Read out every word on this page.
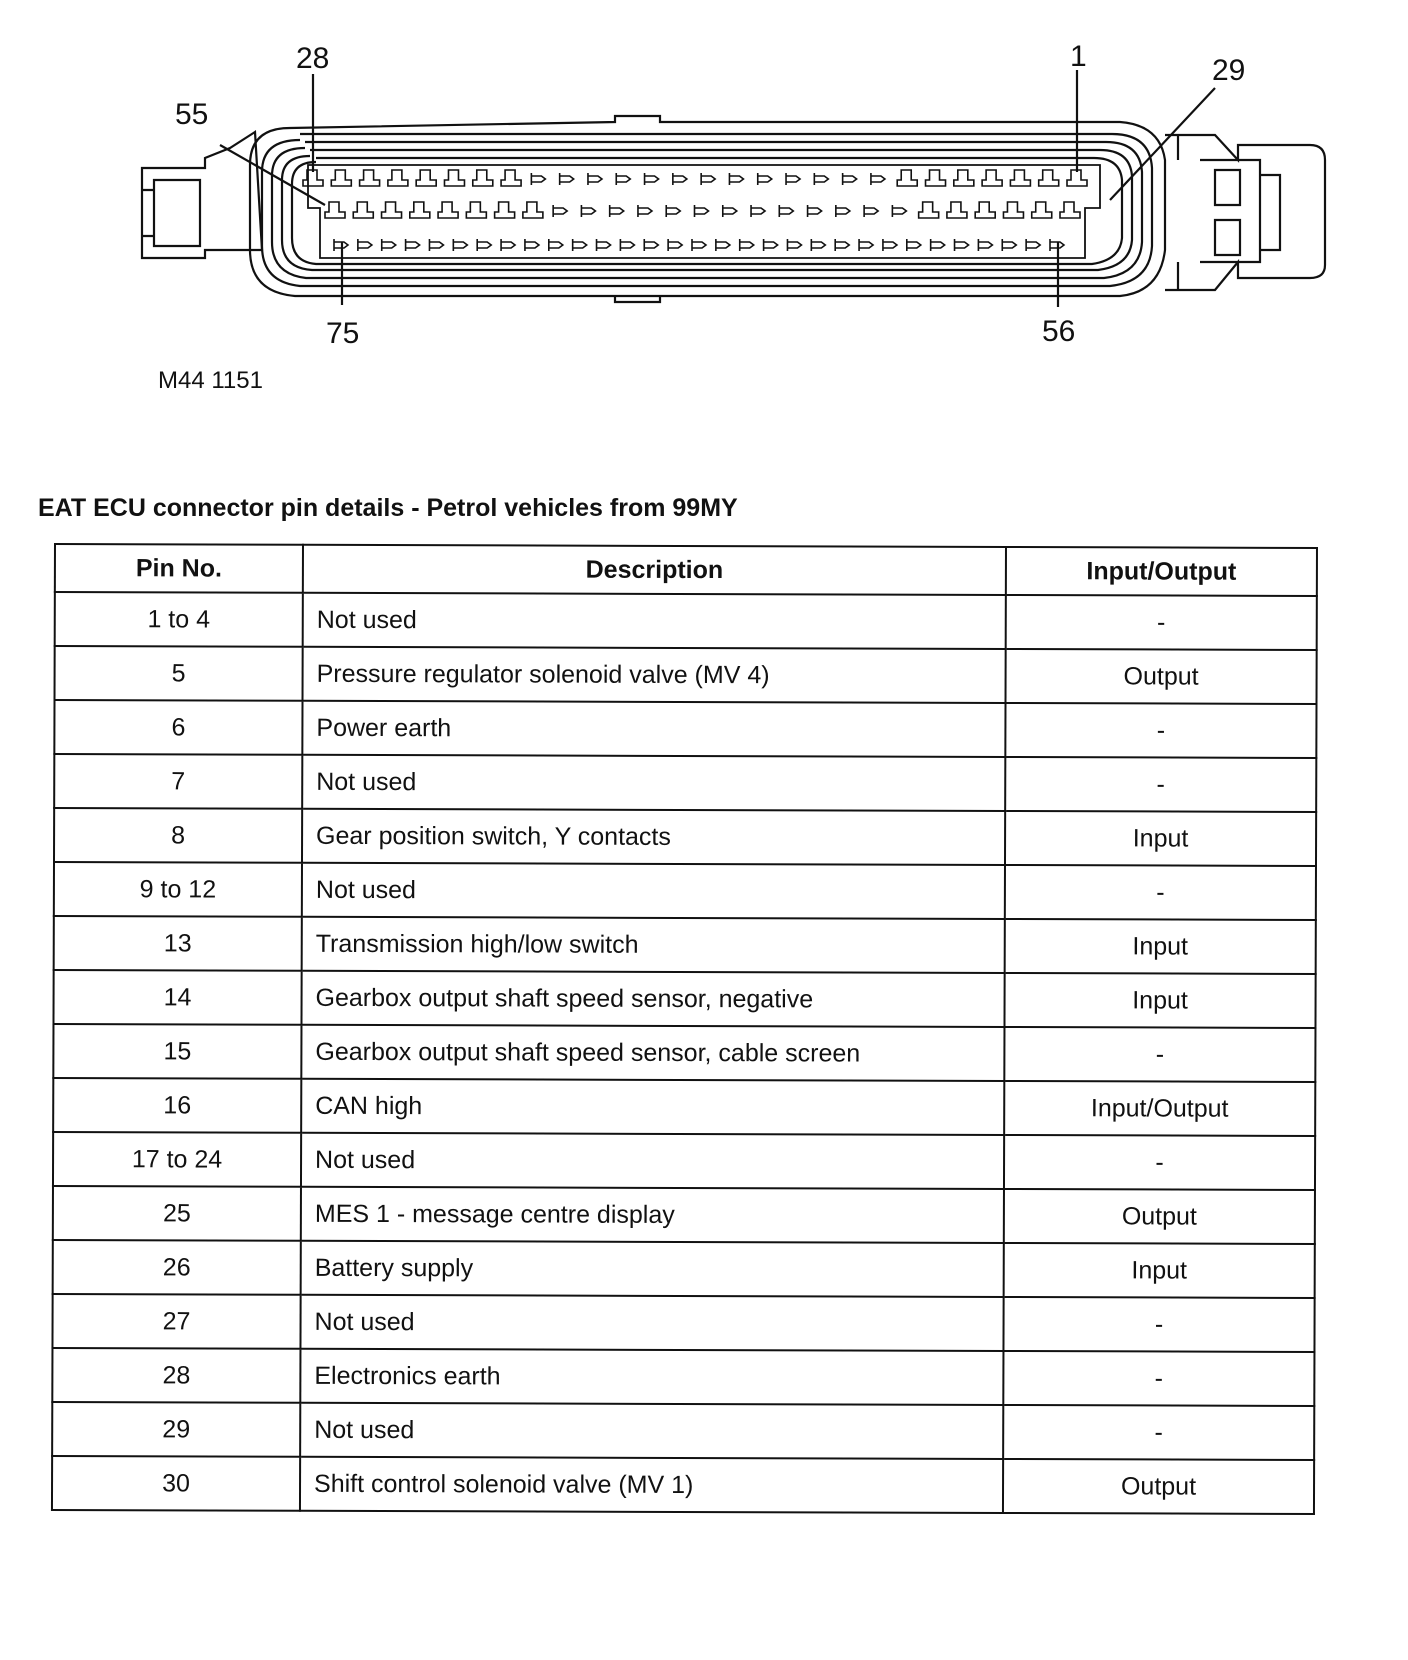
28	1	29
55
75	56
M44 1151
EAT ECU connector pin details - Petrol vehicles from 99MY
Pin No.	Description	Input/Output
1 to 4	Not used	-
5	Pressure regulator solenoid valve (MV 4)	Output
6	Power earth	-
7	Not used	-
8	Gear position switch, Y contacts	Input
9 to 12	Not used	-
13	Transmission high/low switch	Input
14	Gearbox output shaft speed sensor, negative	Input
15	Gearbox output shaft speed sensor, cable screen	-
16	CAN high	Input/Output
17 to 24	Not used	-
25	MES 1 - message centre display	Output
26	Battery supply	Input
27	Not used	-
28	Electronics earth	-
29	Not used	-
30	Shift control solenoid valve (MV 1)	Output
